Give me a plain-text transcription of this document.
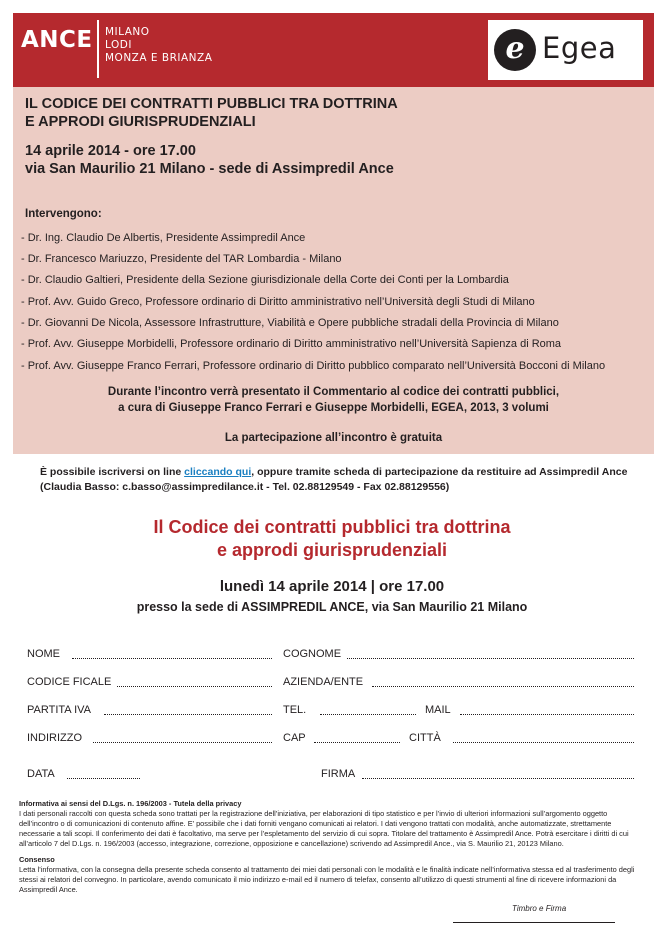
ANCE MILANO
LODI
MONZA E BRIANZA	e Egea
IL CODICE DEI CONTRATTI PUBBLICI TRA DOTTRINA
E APPRODI GIURISPRUDENZIALI
14 aprile 2014 - ore 17.00
via San Maurilio 21 Milano - sede di Assimpredil Ance
Intervengono:
- Dr. Ing. Claudio De Albertis, Presidente Assimpredil Ance
- Dr. Francesco Mariuzzo, Presidente del TAR Lombardia - Milano
- Dr. Claudio Galtieri, Presidente della Sezione giurisdizionale della Corte dei Conti per la Lombardia
- Prof. Avv. Guido Greco, Professore ordinario di Diritto amministrativo nell’Università degli Studi di Milano
- Dr. Giovanni De Nicola, Assessore Infrastrutture, Viabilità e Opere pubbliche stradali della Provincia di Milano
- Prof. Avv. Giuseppe Morbidelli, Professore ordinario di Diritto amministrativo nell’Università Sapienza di Roma
- Prof. Avv. Giuseppe Franco Ferrari, Professore ordinario di Diritto pubblico comparato nell’Università Bocconi di Milano
Durante l’incontro verrà presentato il Commentario al codice dei contratti pubblici,
a cura di Giuseppe Franco Ferrari e Giuseppe Morbidelli, EGEA, 2013, 3 volumi
La partecipazione all’incontro è gratuita
È possibile iscriversi on line cliccando qui, oppure tramite scheda di partecipazione da restituire ad Assimpredil Ance (Claudia Basso: c.basso@assimpredilance.it - Tel. 02.88129549 - Fax 02.88129556)
Il Codice dei contratti pubblici tra dottrina
e approdi giurisprudenziali
lunedì 14 aprile 2014 | ore 17.00
presso la sede di ASSIMPREDIL ANCE, via San Maurilio 21 Milano
NOME	COGNOME
CODICE FICALE	AZIENDA/ENTE
PARTITA IVA	TEL.	MAIL
INDIRIZZO	CAP	CITTÀ
DATA	FIRMA
Informativa ai sensi del D.Lgs. n. 196/2003 - Tutela della privacy
I dati personali raccolti con questa scheda sono trattati per la registrazione dell’iniziativa, per elaborazioni di tipo statistico e per l’invio di ulteriori informazioni sull’argomento oggetto dell’incontro o di comunicazioni di contenuto affine. E’ possibile che i dati forniti vengano comunicati ai relatori. I dati vengono trattati con modalità, anche automatizzate, strettamente necessarie a tali scopi. Il conferimento dei dati è facoltativo, ma serve per l’espletamento del servizio di cui sopra. Titolare del trattamento è Assimpredil Ance. Potrà esercitare i diritti di cui all’articolo 7 del D.Lgs. n. 196/2003 (accesso, integrazione, correzione, opposizione e cancellazione) scrivendo ad Assimpredil Ance., via S. Maurilio 21, 20123 Milano.
Consenso
Letta l’informativa, con la consegna della presente scheda consento al trattamento dei miei dati personali con le modalità e le finalità indicate nell’informativa stessa ed al trasferimento degli stessi ai relatori del convegno. In particolare, avendo comunicato il mio indirizzo e-mail ed il numero di telefax, consento all’utilizzo di questi strumenti al fine di ricevere informazioni da Assimpredil Ance.
Timbro e Firma
